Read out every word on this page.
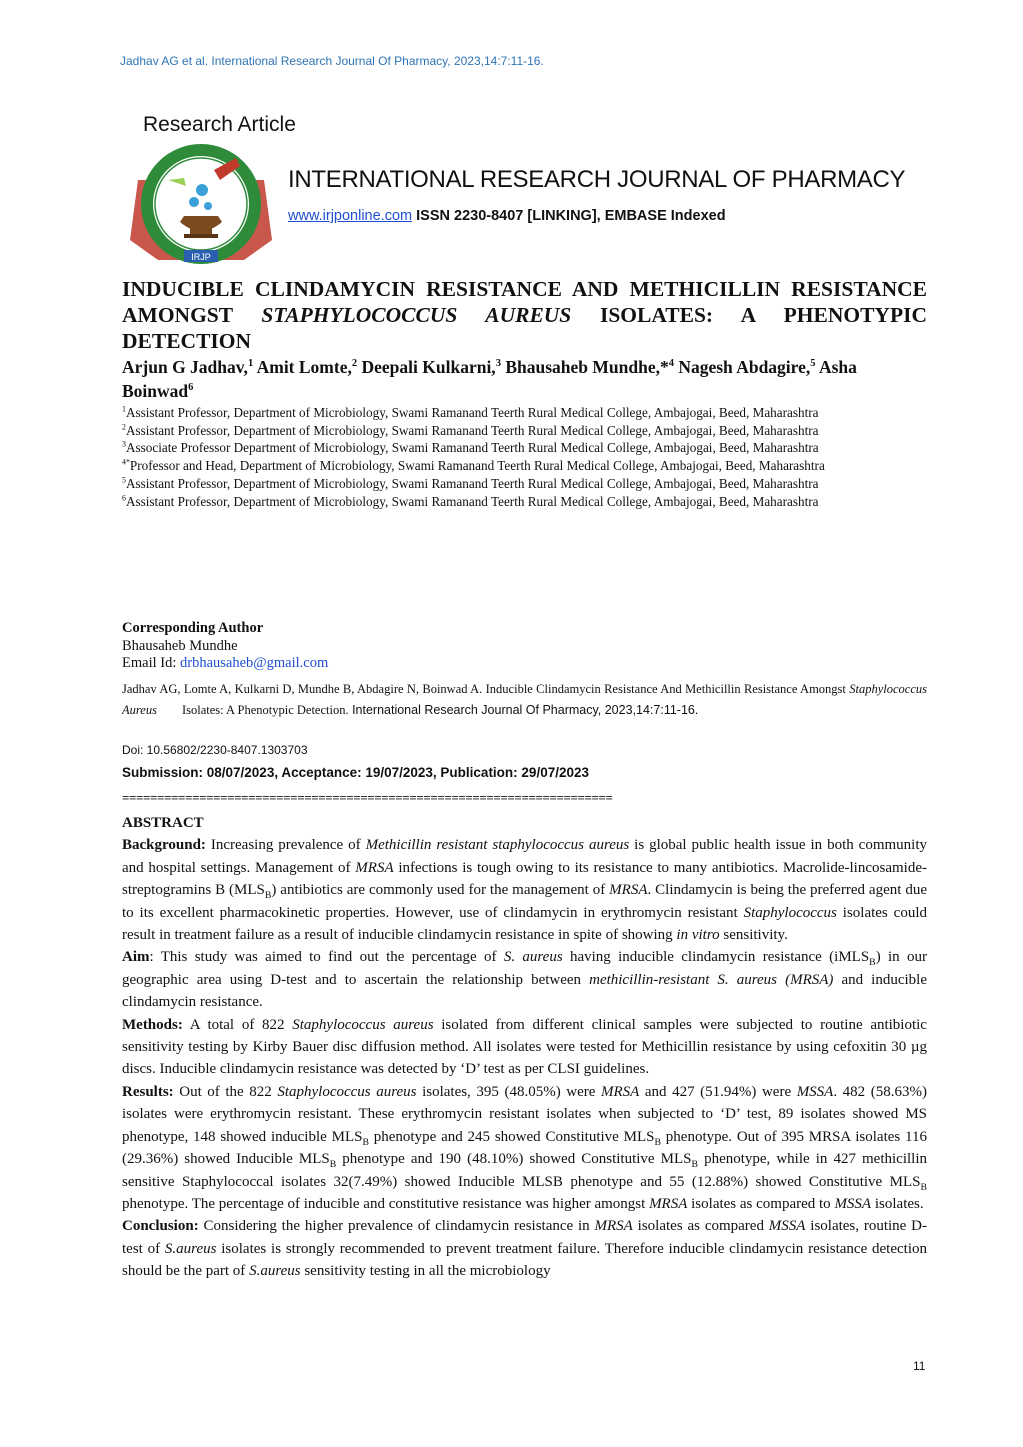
Jadhav AG et al. International Research Journal Of Pharmacy, 2023,14:7:11-16.
Research Article
IRJP
INTERNATIONAL RESEARCH JOURNAL OF PHARMACY
www.irjponline.com ISSN 2230-8407 [LINKING], EMBASE Indexed
INDUCIBLE CLINDAMYCIN RESISTANCE AND METHICILLIN RESISTANCE AMONGST STAPHYLOCOCCUS AUREUS ISOLATES: A PHENOTYPIC DETECTION
Arjun G Jadhav,$^1$ Amit Lomte,$^2$ Deepali Kulkarni,$^3$ Bhausaheb Mundhe,*$^4$ Nagesh Abdagire,$^5$ Asha Boinwad$^6$
$^1$Assistant Professor, Department of Microbiology, Swami Ramanand Teerth Rural Medical College, Ambajogai, Beed, Maharashtra
$^2$Assistant Professor, Department of Microbiology, Swami Ramanand Teerth Rural Medical College, Ambajogai, Beed, Maharashtra
$^3$Associate Professor Department of Microbiology, Swami Ramanand Teerth Rural Medical College, Ambajogai, Beed, Maharashtra
$^{4*}$Professor and Head, Department of Microbiology, Swami Ramanand Teerth Rural Medical College, Ambajogai, Beed, Maharashtra
$^5$Assistant Professor, Department of Microbiology, Swami Ramanand Teerth Rural Medical College, Ambajogai, Beed, Maharashtra
$^6$Assistant Professor, Department of Microbiology, Swami Ramanand Teerth Rural Medical College, Ambajogai, Beed, Maharashtra
Corresponding Author
Bhausaheb Mundhe
Email Id: drbhausaheb@gmail.com
Jadhav AG, Lomte A, Kulkarni D, Mundhe B, Abdagire N, Boinwad A. Inducible Clindamycin Resistance And Methicillin Resistance Amongst Staphylococcus Aureus        Isolates: A Phenotypic Detection. International Research Journal Of Pharmacy, 2023,14:7:11-16.
Doi: 10.56802/2230-8407.1303703
Submission: 08/07/2023, Acceptance: 19/07/2023, Publication: 29/07/2023
======================================================================
ABSTRACT
Background: Increasing prevalence of Methicillin resistant staphylococcus aureus is global public health issue in both community and hospital settings. Management of MRSA infections is tough owing to its resistance to many antibiotics. Macrolide-lincosamide-streptogramins B $(MLS_B)$ antibiotics are commonly used for the management of MRSA. Clindamycin is being the preferred agent due to its excellent pharmacokinetic properties. However, use of clindamycin in erythromycin resistant Staphylococcus isolates could result in treatment failure as a result of inducible clindamycin resistance in spite of showing in vitro sensitivity.
Aim: This study was aimed to find out the percentage of S. aureus having inducible clindamycin resistance (iMLS$_B$) in our geographic area using D-test and to ascertain the relationship between methicillin-resistant S. aureus (MRSA) and inducible clindamycin resistance.
Methods: A total of 822 Staphylococcus aureus isolated from different clinical samples were subjected to routine antibiotic sensitivity testing by Kirby Bauer disc diffusion method. All isolates were tested for Methicillin resistance by using cefoxitin 30 µg discs. Inducible clindamycin resistance was detected by ‘D’ test as per CLSI guidelines.
Results: Out of the 822 Staphylococcus aureus isolates, 395 (48.05%) were MRSA and 427 (51.94%) were MSSA. 482 (58.63%) isolates were erythromycin resistant. These erythromycin resistant isolates when subjected to ‘D’ test, 89 isolates showed MS phenotype, 148 showed inducible $MLS_B$ phenotype and 245 showed Constitutive $MLS_B$ phenotype. Out of 395 MRSA isolates 116 (29.36%) showed Inducible $MLS_B$ phenotype and 190 (48.10%) showed Constitutive $MLS_B$ phenotype, while in 427 methicillin sensitive Staphylococcal isolates 32(7.49%) showed Inducible MLSB phenotype and 55 (12.88%) showed Constitutive $MLS_B$ phenotype. The percentage of inducible and constitutive resistance was higher amongst MRSA isolates as compared to MSSA isolates.
Conclusion: Considering the higher prevalence of clindamycin resistance in MRSA isolates as compared MSSA isolates, routine D- test of S.aureus isolates is strongly recommended to prevent treatment failure. Therefore inducible clindamycin resistance detection should be the part of S.aureus sensitivity testing in all the microbiology
11
